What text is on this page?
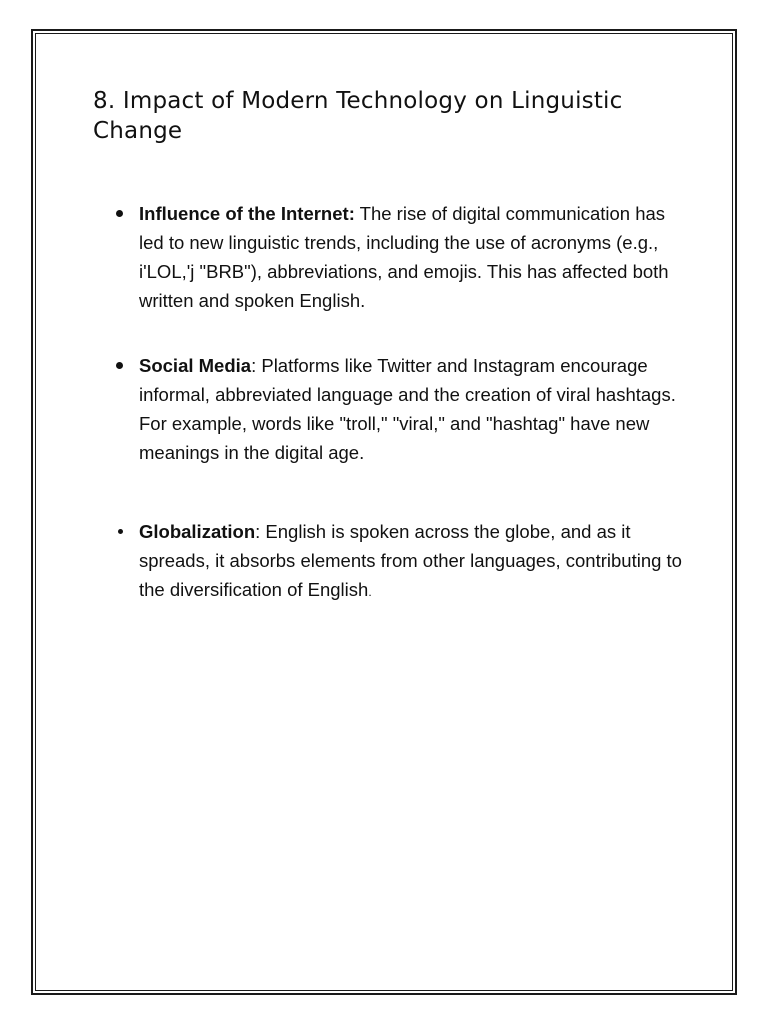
8. Impact of Modern Technology on Linguistic Change
Influence of the Internet: The rise of digital communication has led to new linguistic trends, including the use of acronyms (e.g., i'LOL,'j "BRB"), abbreviations, and emojis. This has affected both written and spoken English.
Social Media: Platforms like Twitter and Instagram encourage informal, abbreviated language and the creation of viral hashtags. For example, words like "troll," "viral," and "hashtag" have new meanings in the digital age.
Globalization: English is spoken across the globe, and as it spreads, it absorbs elements from other languages, contributing to the diversification of English.
